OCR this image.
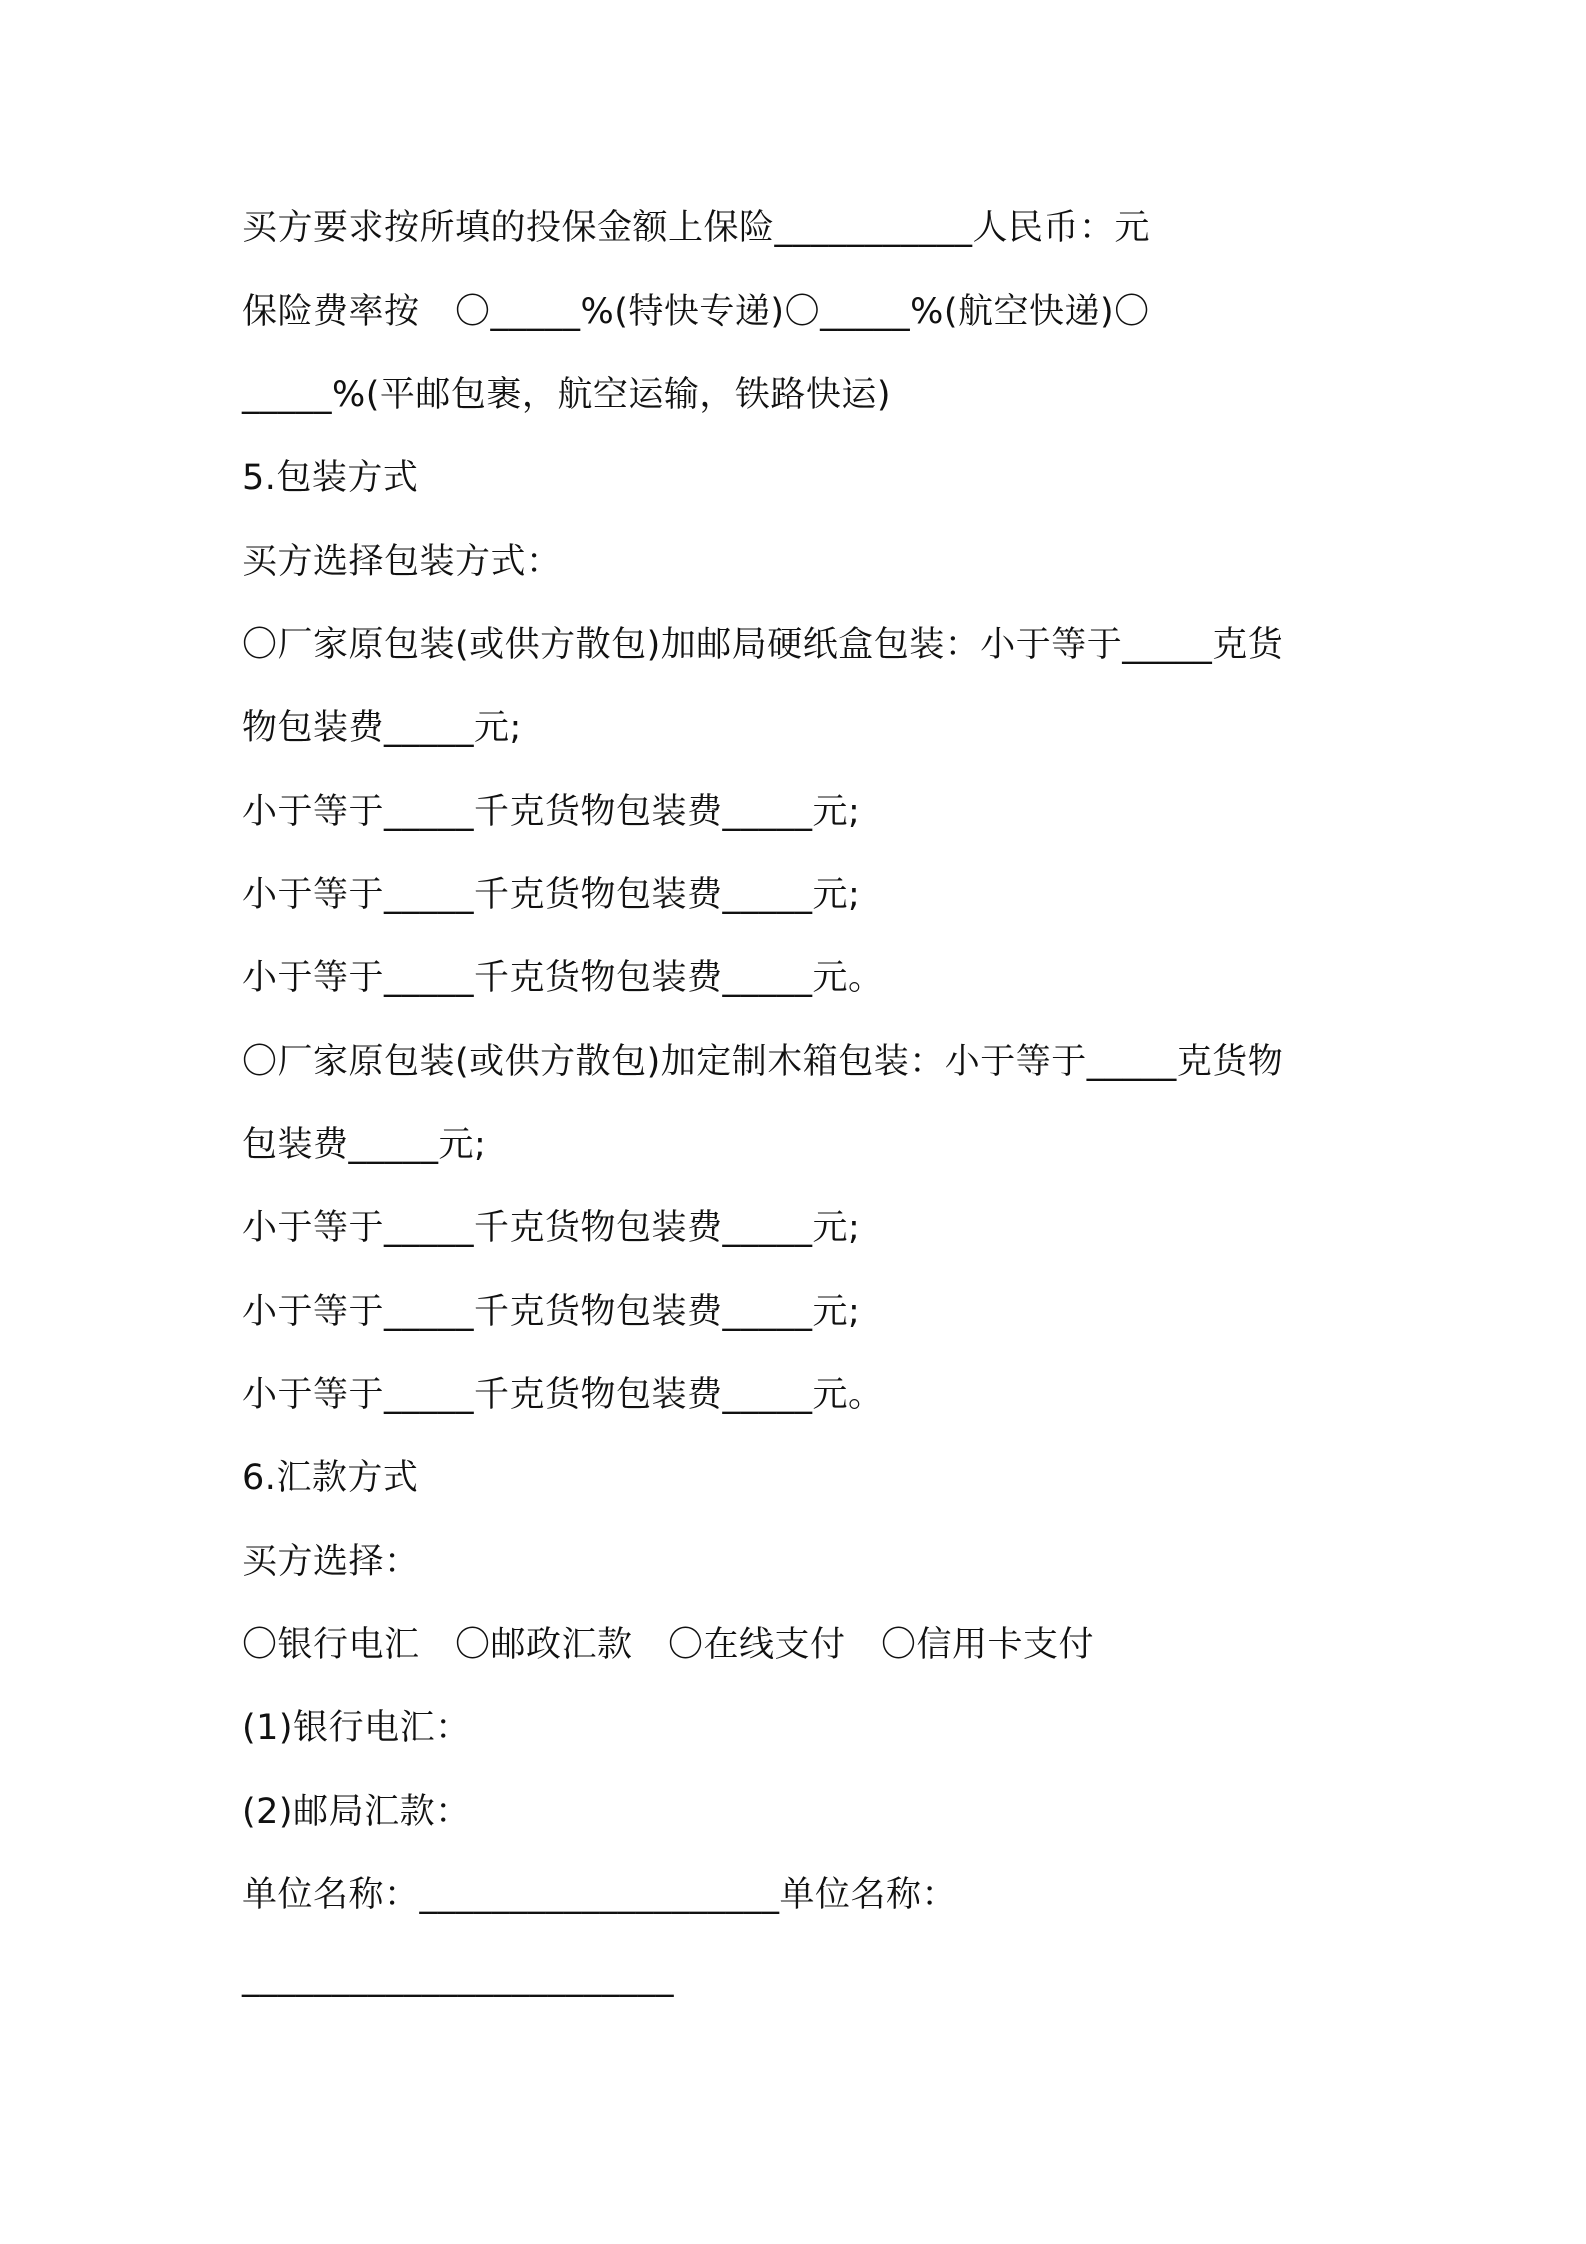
买方要求按所填的投保金额上保险___________人民币：元
保险费率按　〇_____%(特快专递)〇_____%(航空快递)〇
_____%(平邮包裹，航空运输，铁路快运)
5.包装方式
买方选择包装方式：
〇厂家原包装(或供方散包)加邮局硬纸盒包装：小于等于_____克货
物包装费_____元;
小于等于_____千克货物包装费_____元;
小于等于_____千克货物包装费_____元;
小于等于_____千克货物包装费_____元。
〇厂家原包装(或供方散包)加定制木箱包装：小于等于_____克货物
包装费_____元;
小于等于_____千克货物包装费_____元;
小于等于_____千克货物包装费_____元;
小于等于_____千克货物包装费_____元。
6.汇款方式
买方选择：
〇银行电汇　〇邮政汇款　〇在线支付　〇信用卡支付
(1)银行电汇：
(2)邮局汇款：
单位名称：____________________单位名称：
________________________
